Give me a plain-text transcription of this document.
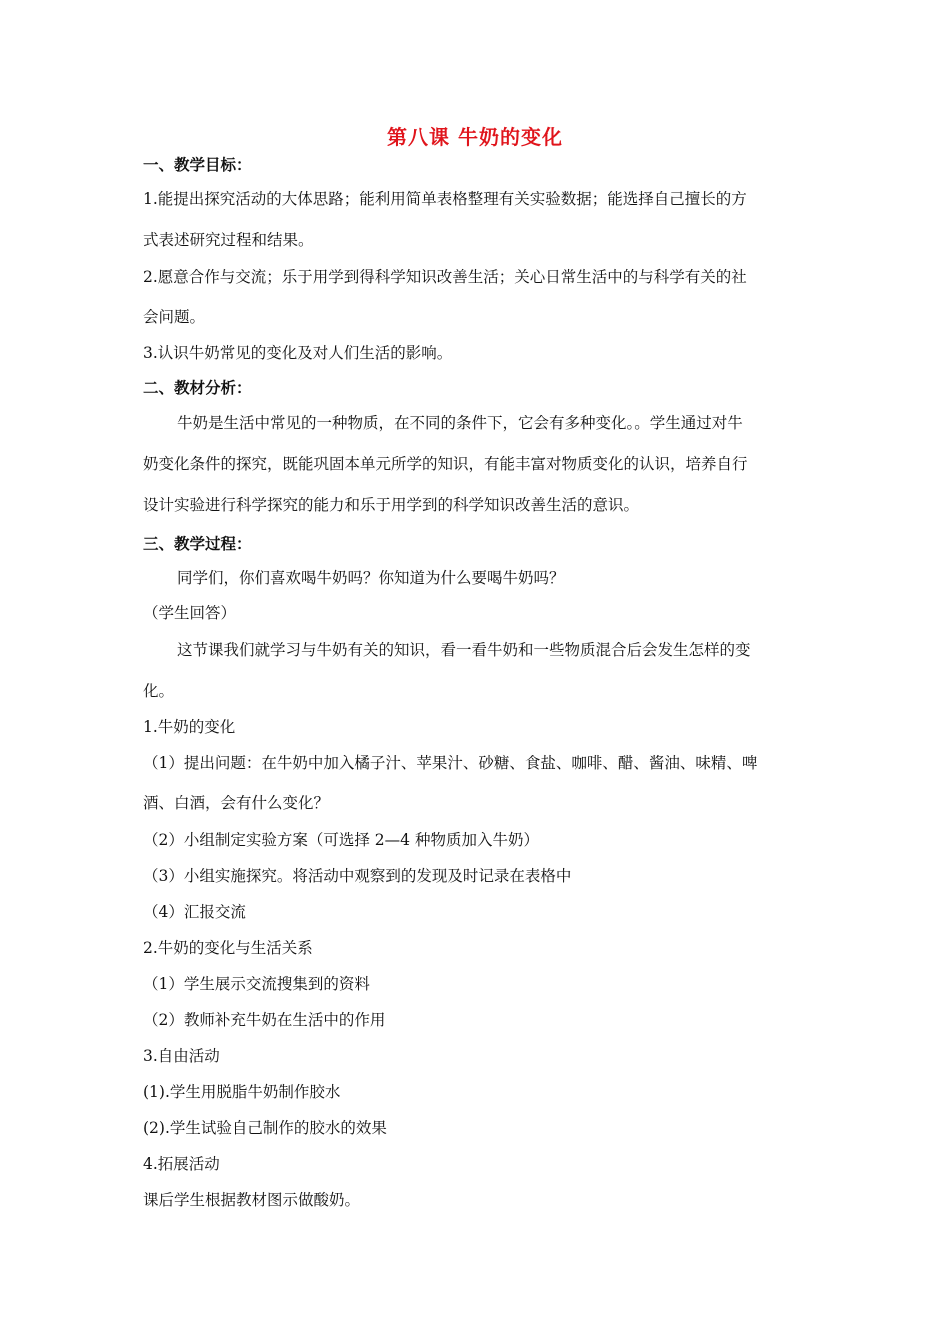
第八课 牛奶的变化
一、教学目标：
1.能提出探究活动的大体思路；能利用简单表格整理有关实验数据；能选择自己擅长的方
式表述研究过程和结果。
2.愿意合作与交流；乐于用学到得科学知识改善生活；关心日常生活中的与科学有关的社
会问题。
3.认识牛奶常见的变化及对人们生活的影响。
二、教材分析：
牛奶是生活中常见的一种物质，在不同的条件下，它会有多种变化。。学生通过对牛
奶变化条件的探究，既能巩固本单元所学的知识，有能丰富对物质变化的认识，培养自行
设计实验进行科学探究的能力和乐于用学到的科学知识改善生活的意识。
三、教学过程：
同学们，你们喜欢喝牛奶吗？你知道为什么要喝牛奶吗？
（学生回答）
这节课我们就学习与牛奶有关的知识，看一看牛奶和一些物质混合后会发生怎样的变
化。
1.牛奶的变化
（1）提出问题：在牛奶中加入橘子汁、苹果汁、砂糖、食盐、咖啡、醋、酱油、味精、啤
酒、白酒，会有什么变化？
（2）小组制定实验方案（可选择 2—4 种物质加入牛奶）
（3）小组实施探究。将活动中观察到的发现及时记录在表格中
（4）汇报交流
2.牛奶的变化与生活关系
（1）学生展示交流搜集到的资料
（2）教师补充牛奶在生活中的作用
3.自由活动
(1).学生用脱脂牛奶制作胶水
(2).学生试验自己制作的胶水的效果
4.拓展活动
课后学生根据教材图示做酸奶。
